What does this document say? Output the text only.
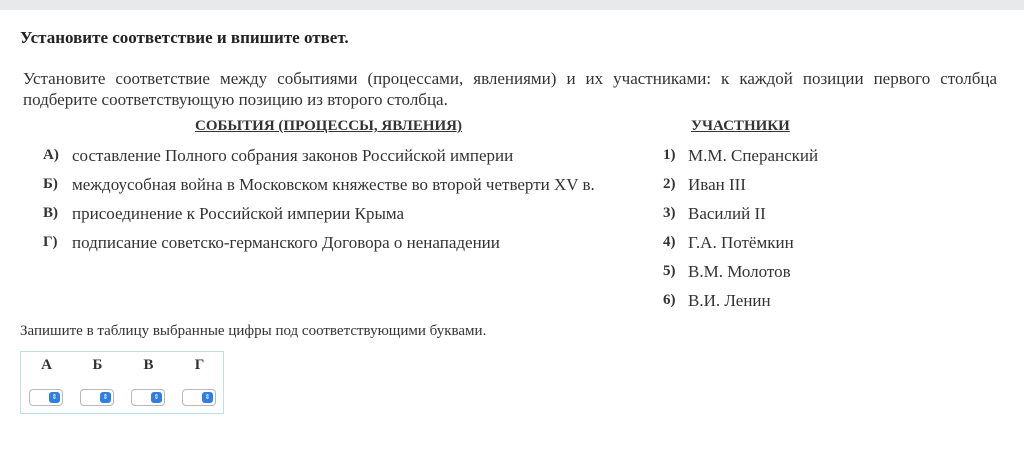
Установите соответствие и впишите ответ.
Установите соответствие между событиями (процессами, явлениями) и их участниками: к каждой позиции первого столбца подберите соответствующую позицию из второго столбца.
СОБЫТИЯ (ПРОЦЕССЫ, ЯВЛЕНИЯ)	УЧАСТНИКИ
А) составление Полного собрания законов Российской империи
Б) междоусобная война в Московском княжестве во второй четверти XV в.
В) присоединение к Российской империи Крыма
Г) подписание советско-германского Договора о ненападении
1) М.М. Сперанский
2) Иван III
3) Василий II
4) Г.А. Потёмкин
5) В.М. Молотов
6) В.И. Ленин
Запишите в таблицу выбранные цифры под соответствующими буквами.
А	Б	В	Г
⇕	⇕	⇕	⇕
